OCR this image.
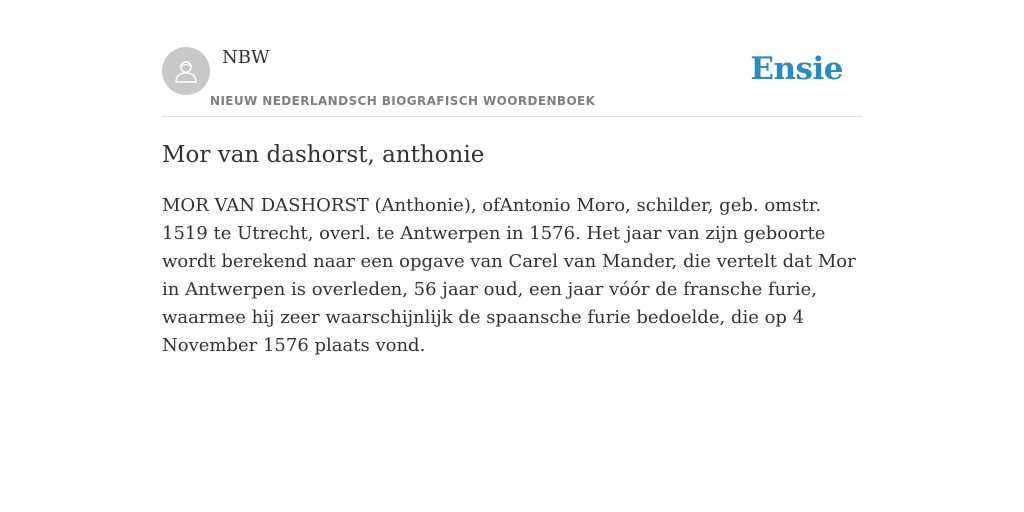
NBW
NIEUW NEDERLANDSCH BIOGRAFISCH WOORDENBOEK
Ensie
Mor van dashorst, anthonie

MOR VAN DASHORST (Anthonie), ofAntonio Moro, schilder, geb. omstr. 1519 te Utrecht, overl. te Antwerpen in 1576. Het jaar van zijn geboorte wordt berekend naar een opgave van Carel van Mander, die vertelt dat Mor in Antwerpen is overleden, 56 jaar oud, een jaar vóór de fransche furie, waarmee hij zeer waarschijnlijk de spaansche furie bedoelde, die op 4 November 1576 plaats vond.
